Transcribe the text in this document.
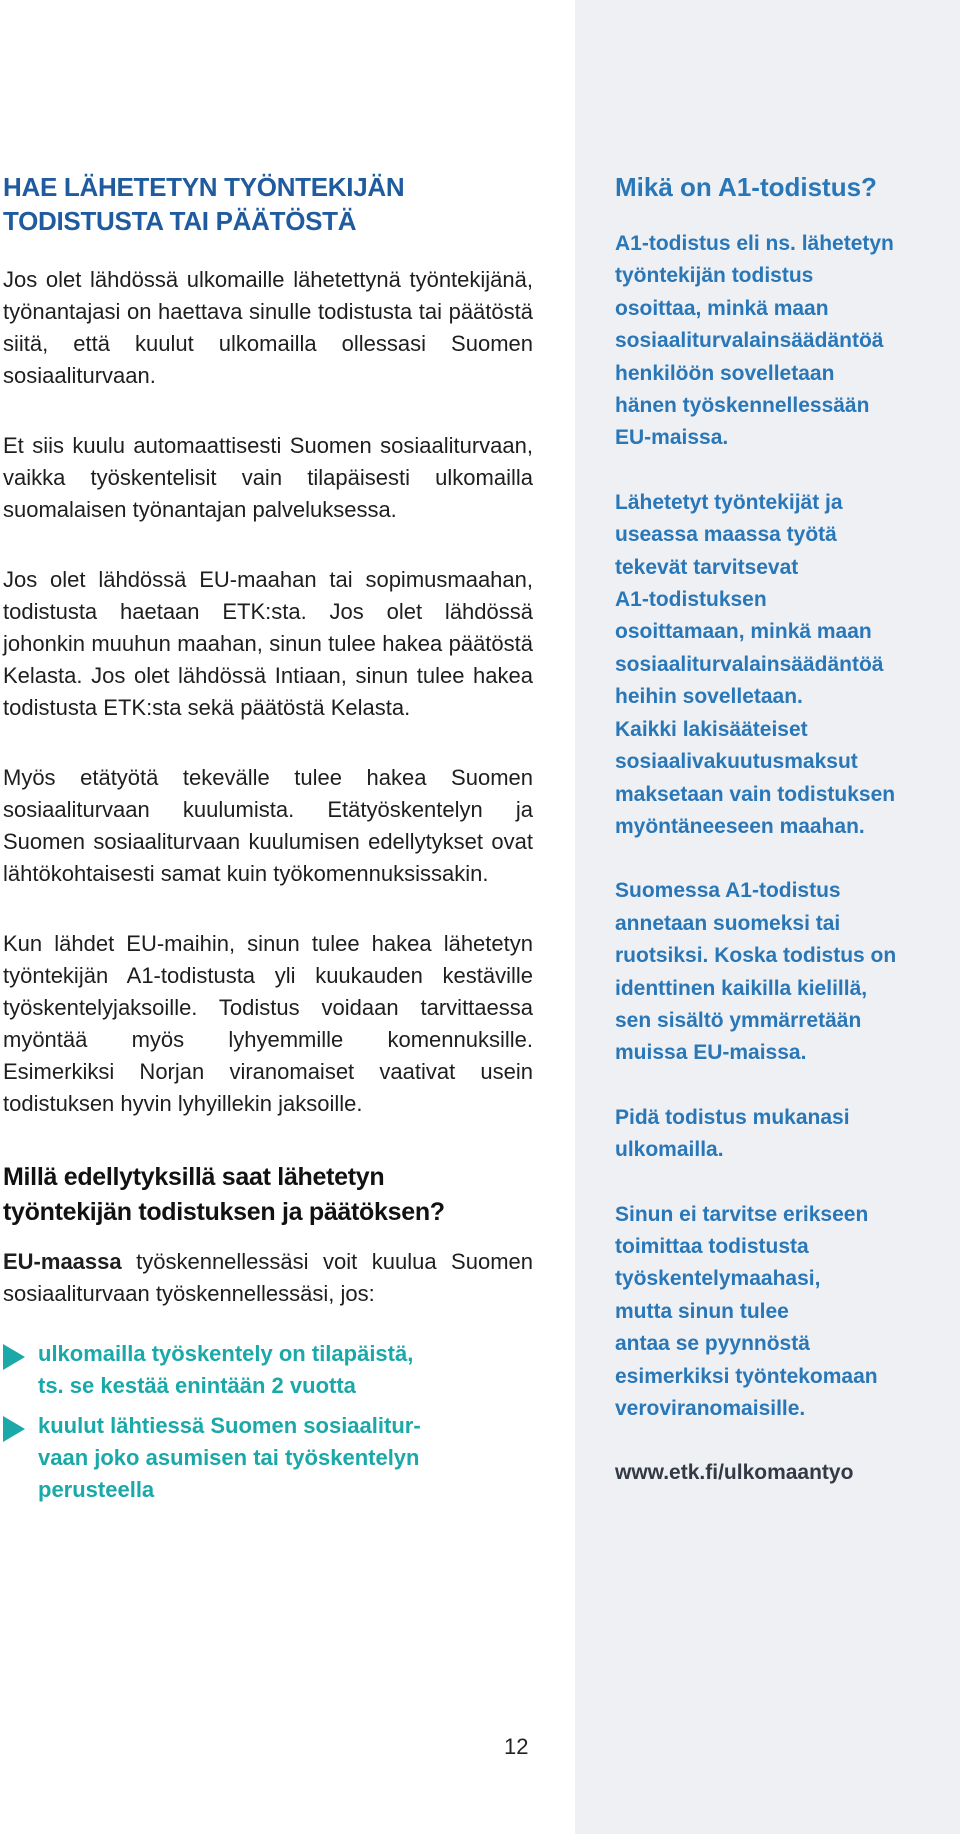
HAE LÄHETETYN TYÖNTEKIJÄN
TODISTUSTA TAI PÄÄTÖSTÄ

Jos olet lähdössä ulkomaille lähetettynä työntekijänä, työnantajasi on haettava sinulle todistusta tai päätöstä siitä, että kuulut ulkomailla ollessasi Suomen sosiaaliturvaan.

Et siis kuulu automaattisesti Suomen sosiaaliturvaan, vaikka työskentelisit vain tilapäisesti ulkomailla suomalaisen työnantajan palveluksessa.

Jos olet lähdössä EU-maahan tai sopimusmaahan, todistusta haetaan ETK:sta. Jos olet lähdössä johonkin muuhun maahan, sinun tulee hakea päätöstä Kelasta. Jos olet lähdössä Intiaan, sinun tulee hakea todistusta ETK:sta sekä päätöstä Kelasta.

Myös etätyötä tekevälle tulee hakea Suomen sosiaaliturvaan kuulumista. Etätyöskentelyn ja Suomen sosiaaliturvaan kuulumisen edellytykset ovat lähtökohtaisesti samat kuin työkomennuksissakin.

Kun lähdet EU-maihin, sinun tulee hakea lähetetyn työntekijän A1-todistusta yli kuukauden kestäville työskentelyjaksoille. Todistus voidaan tarvittaessa myöntää myös lyhyemmille komennuksille. Esimerkiksi Norjan viranomaiset vaativat usein todistuksen hyvin lyhyillekin jaksoille.

Millä edellytyksillä saat lähetetyn
työntekijän todistuksen ja päätöksen?

EU-maassa työskennellessäsi voit kuulua Suomen sosiaaliturvaan työskennellessäsi, jos:

ulkomailla työskentely on tilapäistä,
ts. se kestää enintään 2 vuotta
kuulut lähtiessä Suomen sosiaalitur-
vaan joko asumisen tai työskentelyn
perusteella
12
Mikä on A1-todistus?

A1-todistus eli ns. lähetetyn
työntekijän todistus
osoittaa, minkä maan
sosiaaliturvalainsäädäntöä
henkilöön sovelletaan
hänen työskennellessään
EU-maissa.

Lähetetyt työntekijät ja
useassa maassa työtä
tekevät tarvitsevat
A1-todistuksen
osoittamaan, minkä maan
sosiaaliturvalainsäädäntöä
heihin sovelletaan.
Kaikki lakisääteiset
sosiaalivakuutusmaksut
maksetaan vain todistuksen
myöntäneeseen maahan.

Suomessa A1-todistus
annetaan suomeksi tai
ruotsiksi. Koska todistus on
identtinen kaikilla kielillä,
sen sisältö ymmärretään
muissa EU-maissa.

Pidä todistus mukanasi
ulkomailla.

Sinun ei tarvitse erikseen
toimittaa todistusta
työskentelymaahasi,
mutta sinun tulee
antaa se pyynnöstä
esimerkiksi työntekomaan
veroviranomaisille.

www.etk.fi/ulkomaantyo
